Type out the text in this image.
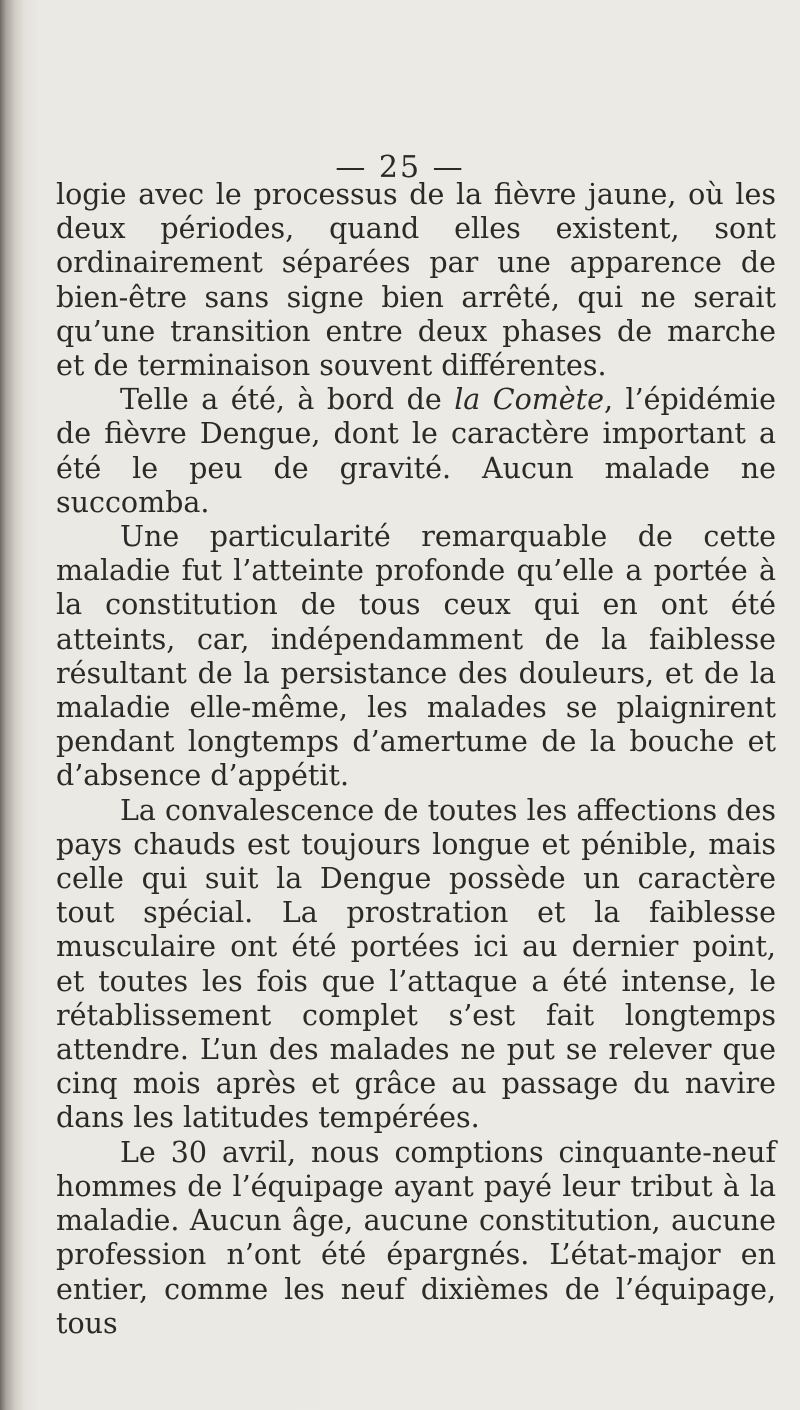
— 25 —

logie avec le processus de la fièvre jaune, où les deux périodes, quand elles existent, sont ordinairement séparées par une apparence de bien-être sans signe bien arrêté, qui ne serait qu’une transition entre deux phases de marche et de terminaison souvent différentes.

Telle a été, à bord de la Comète, l’épidémie de fièvre Dengue, dont le caractère important a été le peu de gravité. Aucun malade ne succomba.

Une particularité remarquable de cette maladie fut l’atteinte profonde qu’elle a portée à la constitution de tous ceux qui en ont été atteints, car, indépendamment de la faiblesse résultant de la persistance des douleurs, et de la maladie elle-même, les malades se plaignirent pendant longtemps d’amertume de la bouche et d’absence d’appétit.

La convalescence de toutes les affections des pays chauds est toujours longue et pénible, mais celle qui suit la Dengue possède un caractère tout spécial. La prostration et la faiblesse musculaire ont été portées ici au dernier point, et toutes les fois que l’attaque a été intense, le rétablissement complet s’est fait longtemps attendre. L’un des malades ne put se relever que cinq mois après et grâce au passage du navire dans les latitudes tempérées.

Le 30 avril, nous comptions cinquante-neuf hommes de l’équipage ayant payé leur tribut à la maladie. Aucun âge, aucune constitution, aucune profession n’ont été épargnés. L’état-major en entier, comme les neuf dixièmes de l’équipage, tous
